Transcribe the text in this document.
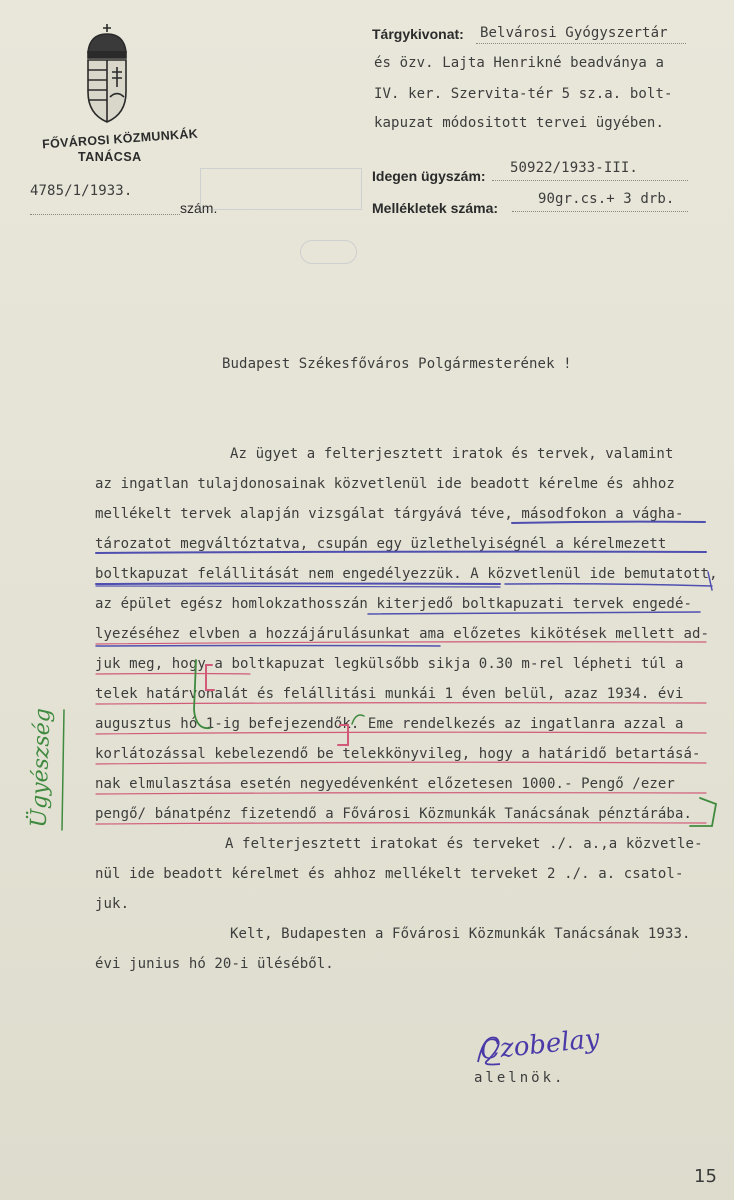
FŐVÁROSI KÖZMUNKÁK
TANÁCSA
4785/1/1933.
szám.
Tárgykivonat: Belvárosi Gyógyszertár
és özv. Lajta Henrikné beadványa a
IV. ker. Szervita-tér 5 sz.a. bolt-
kapuzat módositott tervei ügyében.
Idegen ügyszám: 50922/1933-III.
Mellékletek száma:
90gr.cs.+ 3 drb.
Budapest Székesfőváros Polgármesterének !
Az ügyet a felterjesztett iratok és tervek, valamint
az ingatlan tulajdonosainak közvetlenül ide beadott kérelme és ahhoz
mellékelt tervek alapján vizsgálat tárgyává téve, másodfokon a vágha-
tározatot megváltóztatva, csupán egy üzlethelyiségnél a kérelmezett
boltkapuzat felállitását nem engedélyezzük. A közvetlenül ide bemutatott,
az épület egész homlokzathosszán kiterjedő boltkapuzati tervek engedé-
lyezéséhez elvben a hozzájárulásunkat ama előzetes kikötések mellett ad-
juk meg, hogy a boltkapuzat legkülsőbb sikja 0.30 m-rel lépheti túl a
telek határvonalát és felállitási munkái 1 éven belül, azaz 1934. évi
augusztus hó 1-ig befejezendők. Eme rendelkezés az ingatlanra azzal a
korlátozással kebelezendő be telekkönyvileg, hogy a határidő betartásá-
nak elmulasztása esetén negyedévenként előzetesen 1000.- Pengő /ezer
pengő/ bánatpénz fizetendő a Fővárosi Közmunkák Tanácsának pénztárába.
A felterjesztett iratokat és terveket ./. a.,a közvetle-
nül ide beadott kérelmet és ahhoz mellékelt terveket 2 ./. a. csatol-
juk.
Kelt, Budapesten a Fővárosi Közmunkák Tanácsának 1933.
évi junius hó 20-i üléséből.
Ügyészség
Czobelay
alelnök.
15
